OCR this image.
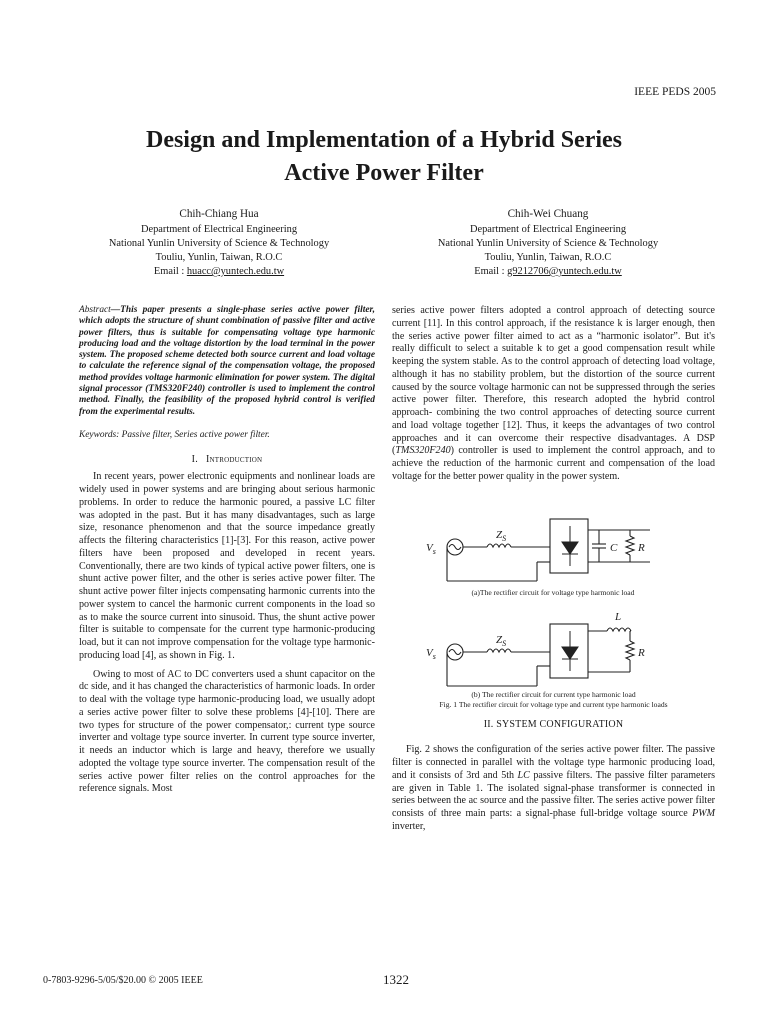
IEEE PEDS 2005
Design and Implementation of a Hybrid Series
Active Power Filter
Chih-Chiang Hua
Department of Electrical Engineering
National Yunlin University of Science & Technology
Touliu, Yunlin, Taiwan, R.O.C
Email : huacc@yuntech.edu.tw
Chih-Wei Chuang
Department of Electrical Engineering
National Yunlin University of Science & Technology
Touliu, Yunlin, Taiwan, R.O.C
Email : g9212706@yuntech.edu.tw

Abstract—This paper presents a single-phase series active power filter, which adopts the structure of shunt combination of passive filter and active power filters, thus is suitable for compensating voltage type harmonic producing load and the voltage distortion by the load terminal in the power system. The proposed scheme detected both source current and load voltage to calculate the reference signal of the compensation voltage, the proposed method provides voltage harmonic elimination for power system. The digital signal processor (TMS320F240) controller is used to implement the control method. Finally, the feasibility of the proposed hybrid control is verified from the experimental results.

Keywords: Passive filter, Series active power filter.

I. Introduction

In recent years, power electronic equipments and nonlinear loads are widely used in power systems and are bringing about serious harmonic problems. In order to reduce the harmonic poured, a passive LC filter was adopted in the past. But it has many disadvantages, such as large size, resonance phenomenon and that the source impedance greatly affects the filtering characteristics [1]-[3]. For this reason, active power filters have been proposed and developed in recent years. Conventionally, there are two kinds of typical active power filters, one is shunt active power filter, and the other is series active power filter. The shunt active power filter injects compensating harmonic currents into the power system to cancel the harmonic current components in the load so as to make the source current into sinusoid. Thus, the shunt active power filter is suitable to compensate for the current type harmonic-producing load, but it can not improve compensation for the voltage type harmonic-producing load [4], as shown in Fig. 1.

Owing to most of AC to DC converters used a shunt capacitor on the dc side, and it has changed the characteristics of harmonic loads. In order to deal with the voltage type harmonic-producing load, we usually adopt a series active power filter to solve these problems [4]-[10]. There are two types for structure of the power compensator,: current type source inverter and voltage type source inverter. In current type source inverter, it needs an inductor which is large and heavy, therefore we usually adopted the voltage type source inverter. The compensation result of the series active power filter relies on the control approaches for the reference signals. Most

series active power filters adopted a control approach of detecting source current [11]. In this control approach, if the resistance k is larger enough, then the series active power filter aimed to act as a “harmonic isolator”. But it's really difficult to select a suitable k to get a good compensation result while keeping the system stable. As to the control approach of detecting load voltage, although it has no stability problem, but the distortion of the source current caused by the source voltage harmonic can not be suppressed through the series active power filter. Therefore, this research adopted the hybrid control approach- combining the two control approaches of detecting source current and load voltage together [12]. Thus, it keeps the advantages of two control approaches and it can overcome their respective disadvantages. A DSP (TMS320F240) controller is used to implement the control approach, and to achieve the reduction of the harmonic current and compensation of the load voltage for the better power quality in the power system.

$V_s$
$Z_S$
C R
$V_s$
$Z_S$
L
R
(a)The rectifier circuit for voltage type harmonic load
(b) The rectifier circuit for current type harmonic load
Fig. 1 The rectifier circuit for voltage type and current type harmonic loads

II. SYSTEM CONFIGURATION

Fig. 2 shows the configuration of the series active power filter. The passive filter is connected in parallel with the voltage type harmonic producing load, and it consists of 3rd and 5th LC passive filters. The passive filter parameters are given in Table 1. The isolated signal-phase transformer is connected in series between the ac source and the passive filter. The series active power filter consists of three main parts: a signal-phase full-bridge voltage source PWM inverter,

0-7803-9296-5/05/$20.00 © 2005 IEEE	1322
